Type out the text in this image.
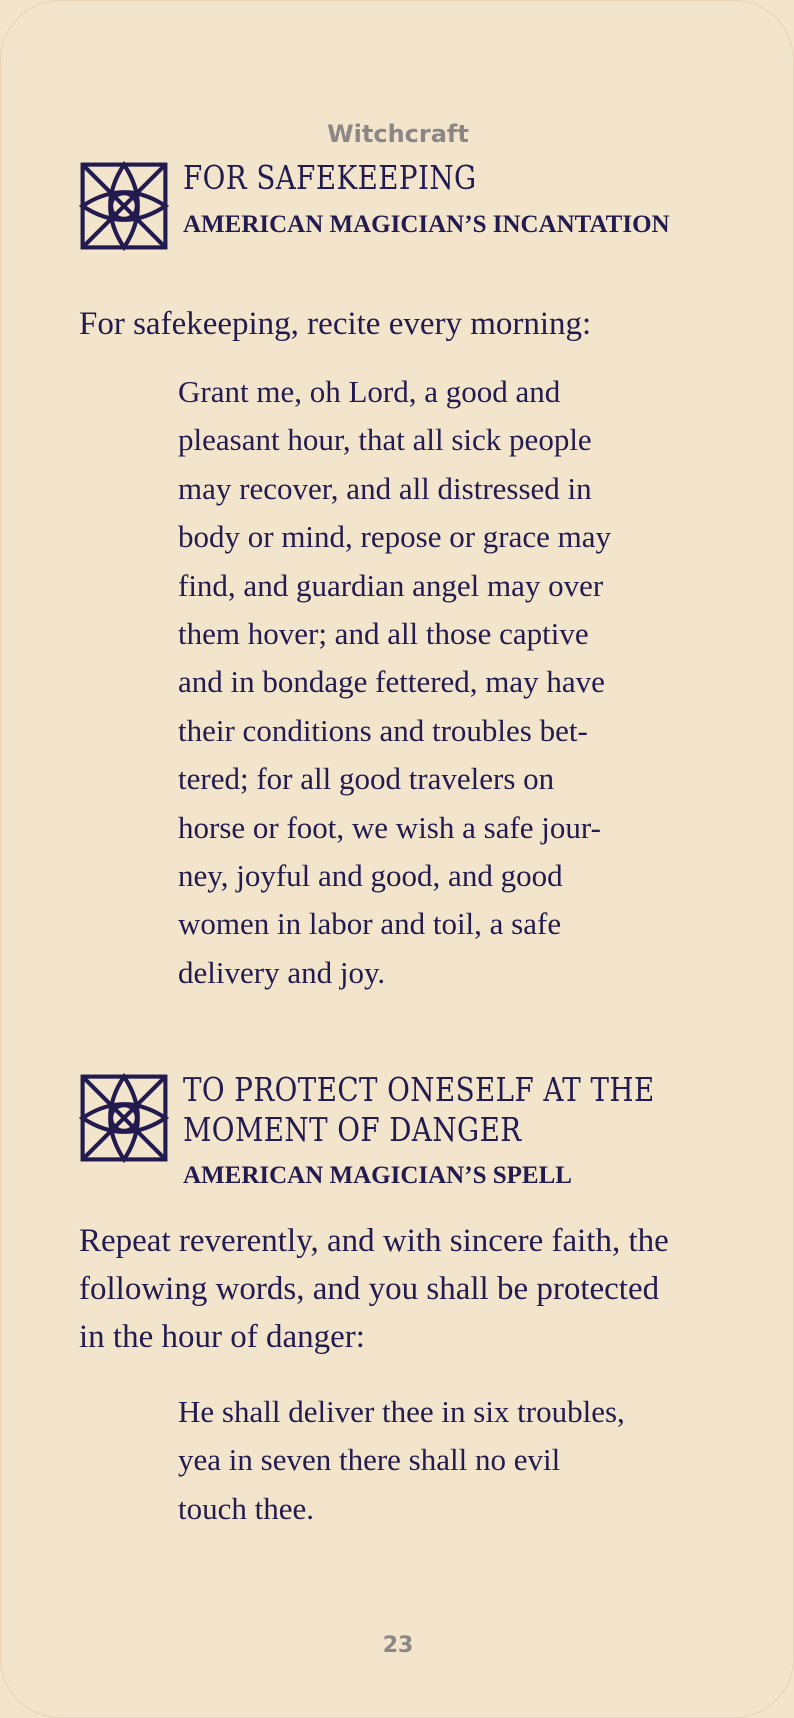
Witchcraft
FOR SAFEKEEPING
AMERICAN MAGICIAN’S INCANTATION
For safekeeping, recite every morning:
Grant me, oh Lord, a good and
pleasant hour, that all sick people
may recover, and all distressed in
body or mind, repose or grace may
find, and guardian angel may over
them hover; and all those captive
and in bondage fettered, may have
their conditions and troubles bet-
tered; for all good travelers on
horse or foot, we wish a safe jour-
ney, joyful and good, and good
women in labor and toil, a safe
delivery and joy.
TO PROTECT ONESELF AT THE
MOMENT OF DANGER
AMERICAN MAGICIAN’S SPELL
Repeat reverently, and with sincere faith, the
following words, and you shall be protected
in the hour of danger:
He shall deliver thee in six troubles,
yea in seven there shall no evil
touch thee.
23
